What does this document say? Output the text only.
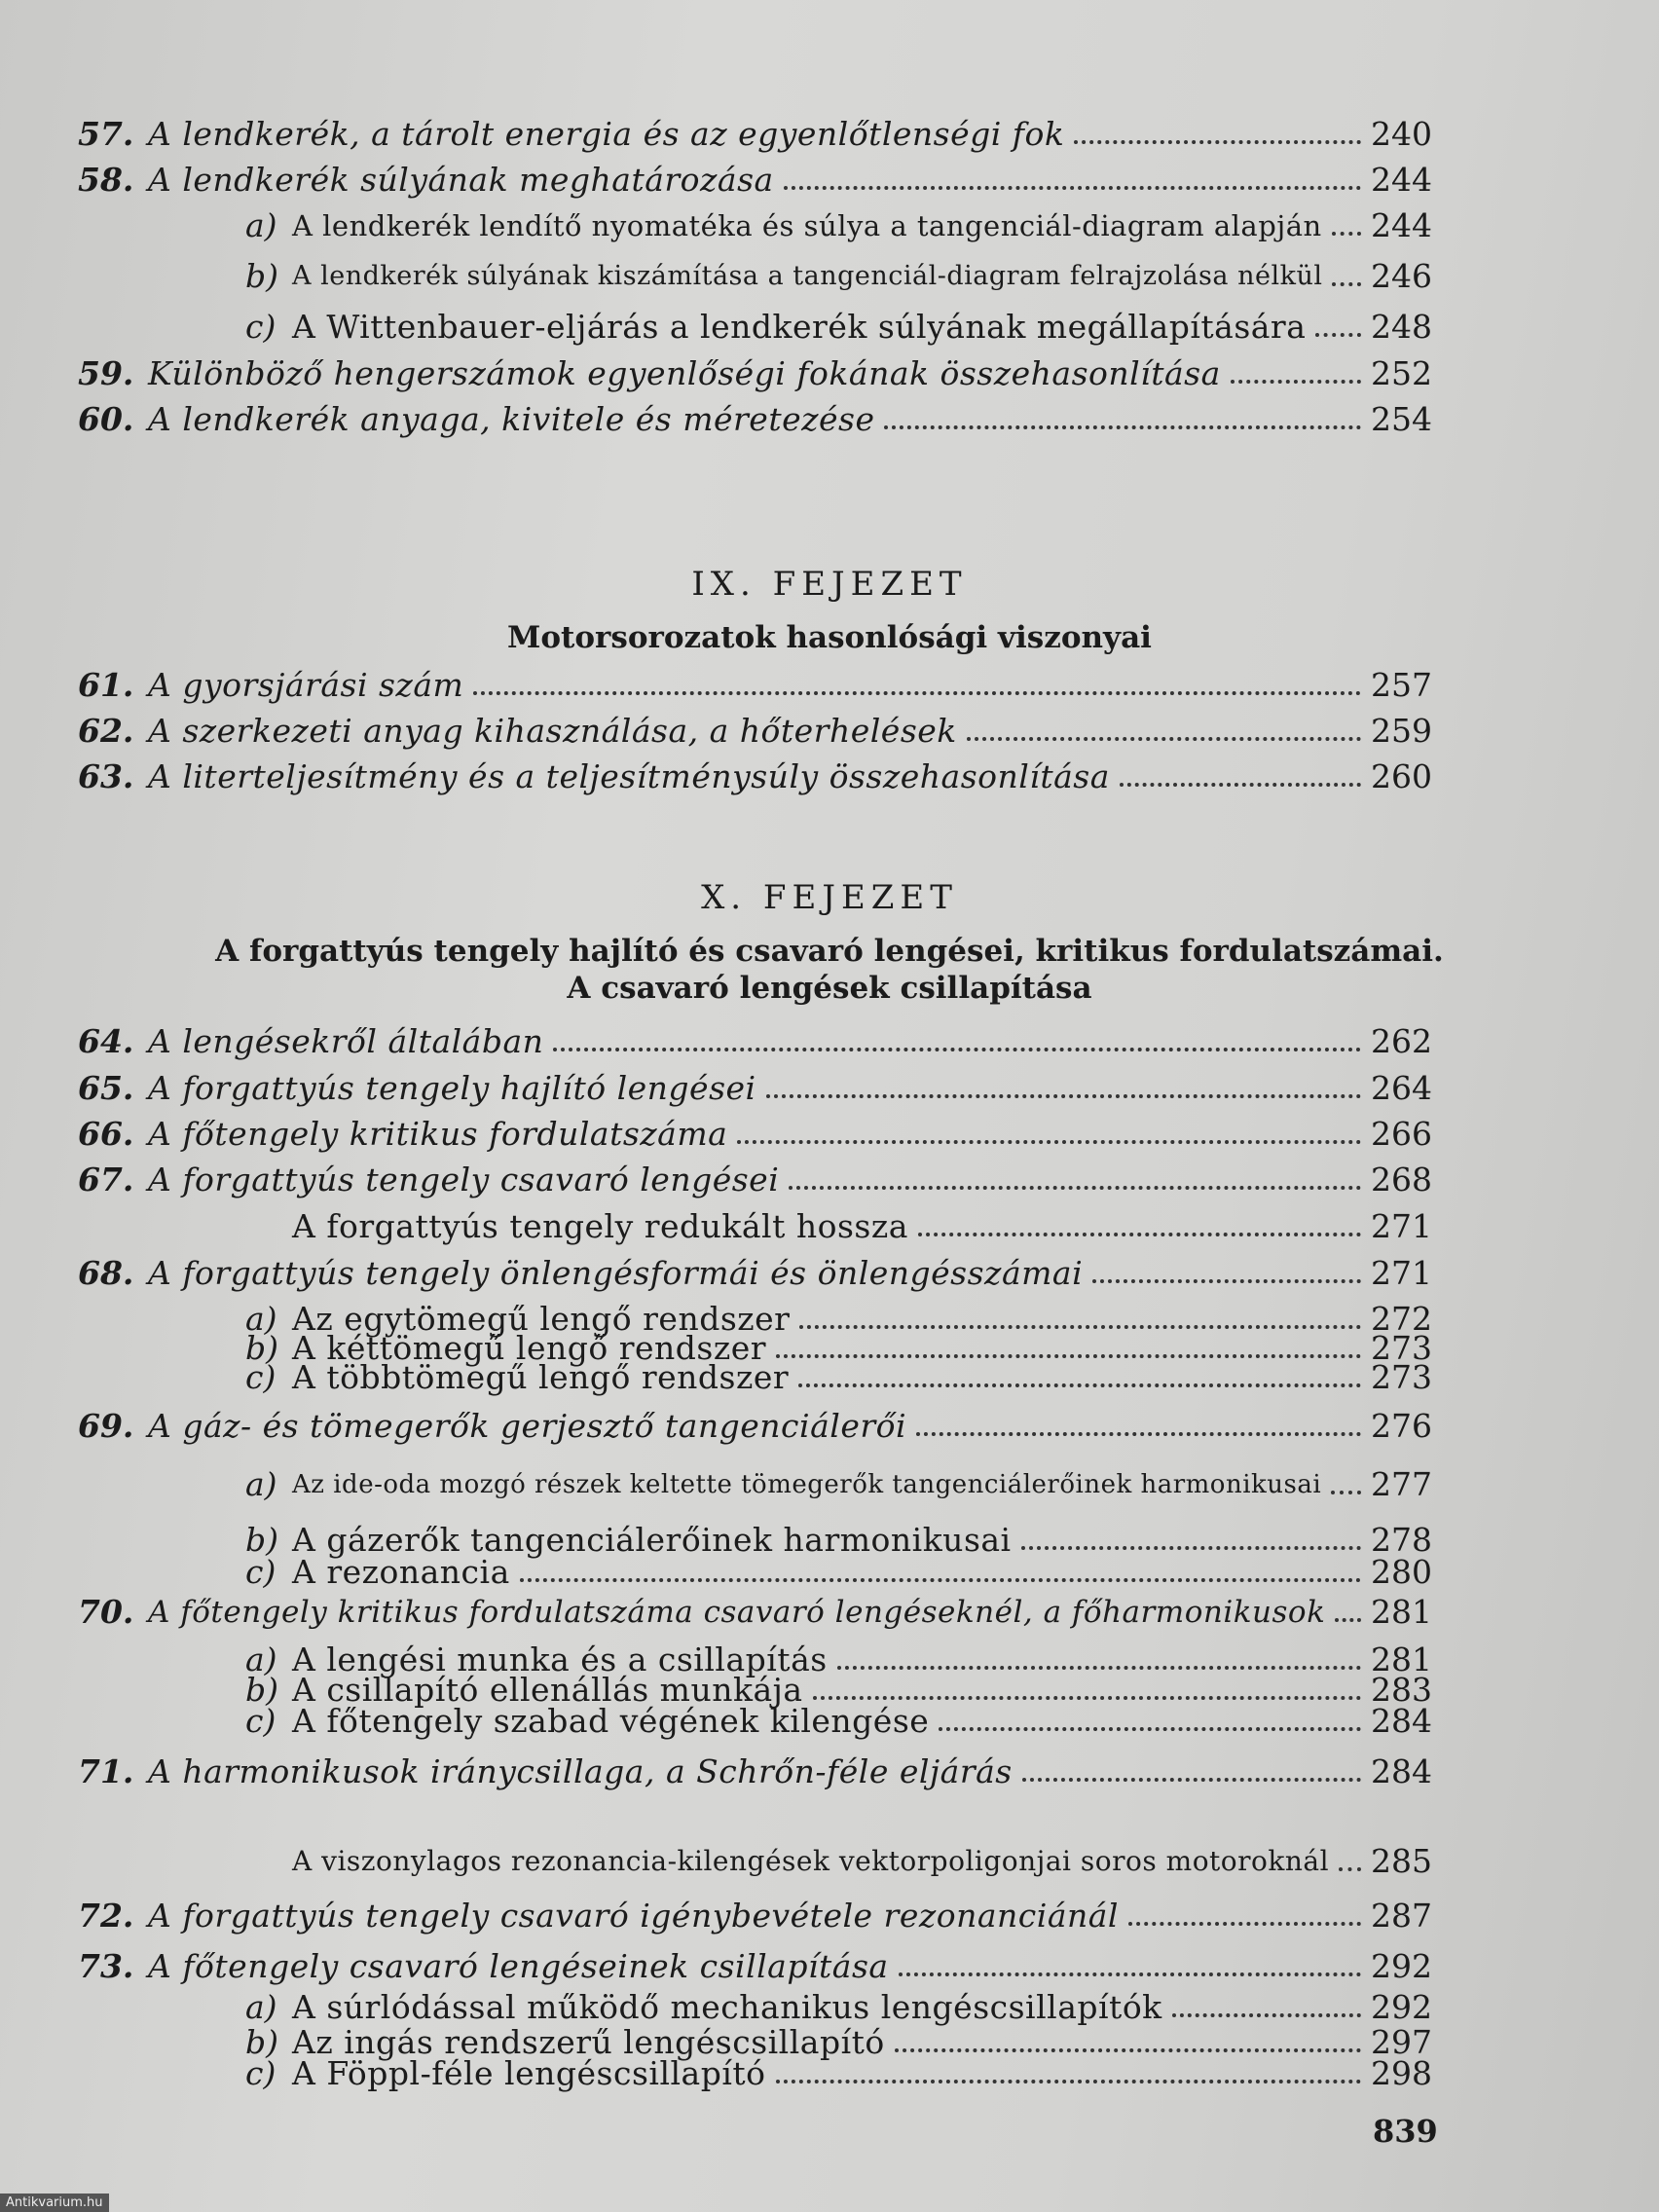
57. A lendkerék, a tárolt energia és az egyenlőtlenségi fok	240
58. A lendkerék súlyának meghatározása	244
a) A lendkerék lendítő nyomatéka és súlya a tangenciál-diagram alapján 244
b) A lendkerék súlyának kiszámítása a tangenciál-diagram felrajzolása nélkül 246
c) A Wittenbauer-eljárás a lendkerék súlyának megállapítására 248
59. Különböző hengerszámok egyenlőségi fokának összehasonlítása	252
60. A lendkerék anyaga, kivitele és méretezése	254
IX. FEJEZET
Motorsorozatok hasonlósági viszonyai
61. A gyorsjárási szám	257
62. A szerkezeti anyag kihasználása, a hőterhelések	259
63. A literteljesítmény és a teljesítménysúly összehasonlítása	260
X. FEJEZET
A forgattyús tengely hajlító és csavaró lengései, kritikus fordulatszámai.
A csavaró lengések csillapítása
64. A lengésekről általában	262
65. A forgattyús tengely hajlító lengései	264
66. A főtengely kritikus fordulatszáma	266
67. A forgattyús tengely csavaró lengései	268
A forgattyús tengely redukált hossza	271
68. A forgattyús tengely önlengésformái és önlengésszámai	271
a) Az egytömegű lengő rendszer	272
b) A kéttömegű lengő rendszer	273
c) A többtömegű lengő rendszer	273
69. A gáz- és tömegerők gerjesztő tangenciálerői	276
a) Az ide-oda mozgó részek keltette tömegerők tangenciálerőinek harmonikusai 277
b) A gázerők tangenciálerőinek harmonikusai	278
c) A rezonancia	280
70. A főtengely kritikus fordulatszáma csavaró lengéseknél, a főharmonikusok 281
a) A lengési munka és a csillapítás	281
b) A csillapító ellenállás munkája	283
c) A főtengely szabad végének kilengése	284
71. A harmonikusok iránycsillaga, a Schrőn-féle eljárás	284
A viszonylagos rezonancia-kilengések vektorpoligonjai soros motoroknál 285
72. A forgattyús tengely csavaró igénybevétele rezonanciánál	287
73. A főtengely csavaró lengéseinek csillapítása	292
a) A súrlódással működő mechanikus lengéscsillapítók	292
b) Az ingás rendszerű lengéscsillapító	297
c) A Föppl-féle lengéscsillapító	298
839
Antikvarium.hu
